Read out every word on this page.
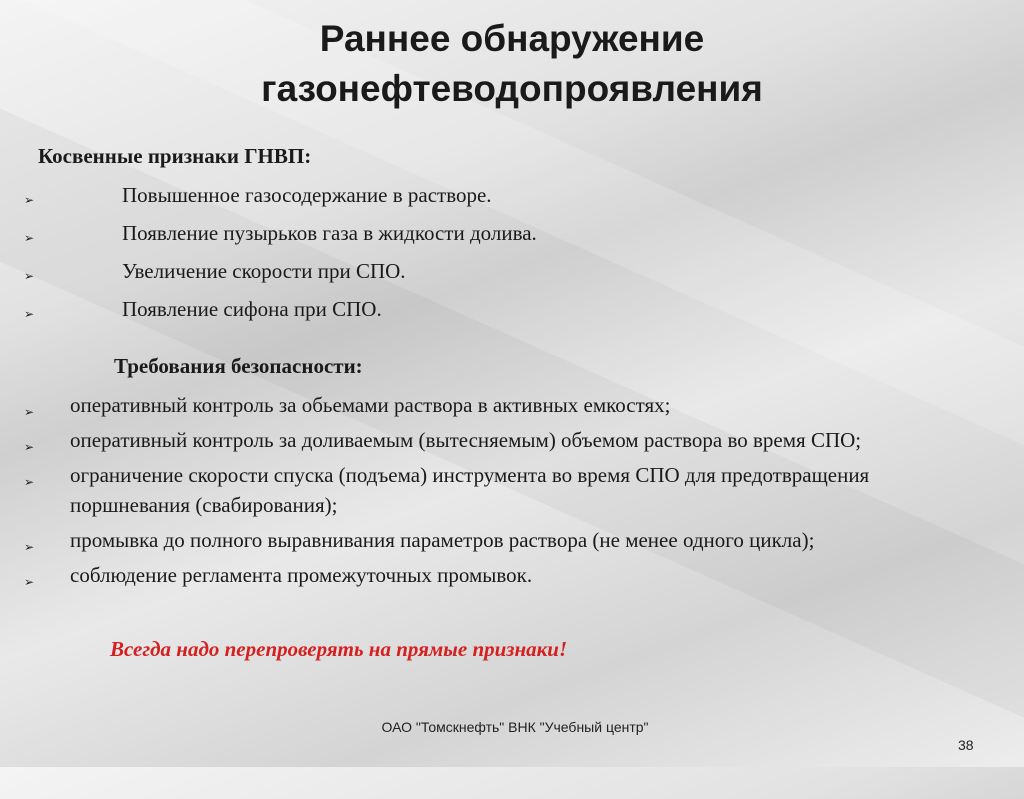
Раннее обнаружение
газонефтеводопроявления
Косвенные признаки ГНВП:
➢	Повышенное газосодержание в растворе.
➢	Появление пузырьков газа в жидкости долива.
➢	Увеличение скорости при СПО.
➢	Появление сифона при СПО.
Требования безопасности:
➢ оперативный контроль за обьемами раствора в активных емкостях;
➢ оперативный контроль за доливаемым (вытесняемым) объемом раствора во время СПО;
➢ ограничение скорости спуска (подъема) инструмента во время СПО для предотвращения поршневания (свабирования);
➢ промывка до полного выравнивания параметров раствора (не менее одного цикла);
➢ соблюдение регламента промежуточных промывок.
Всегда надо перепроверять на прямые признаки!
ОАО "Томскнефть" ВНК "Учебный центр"
38
